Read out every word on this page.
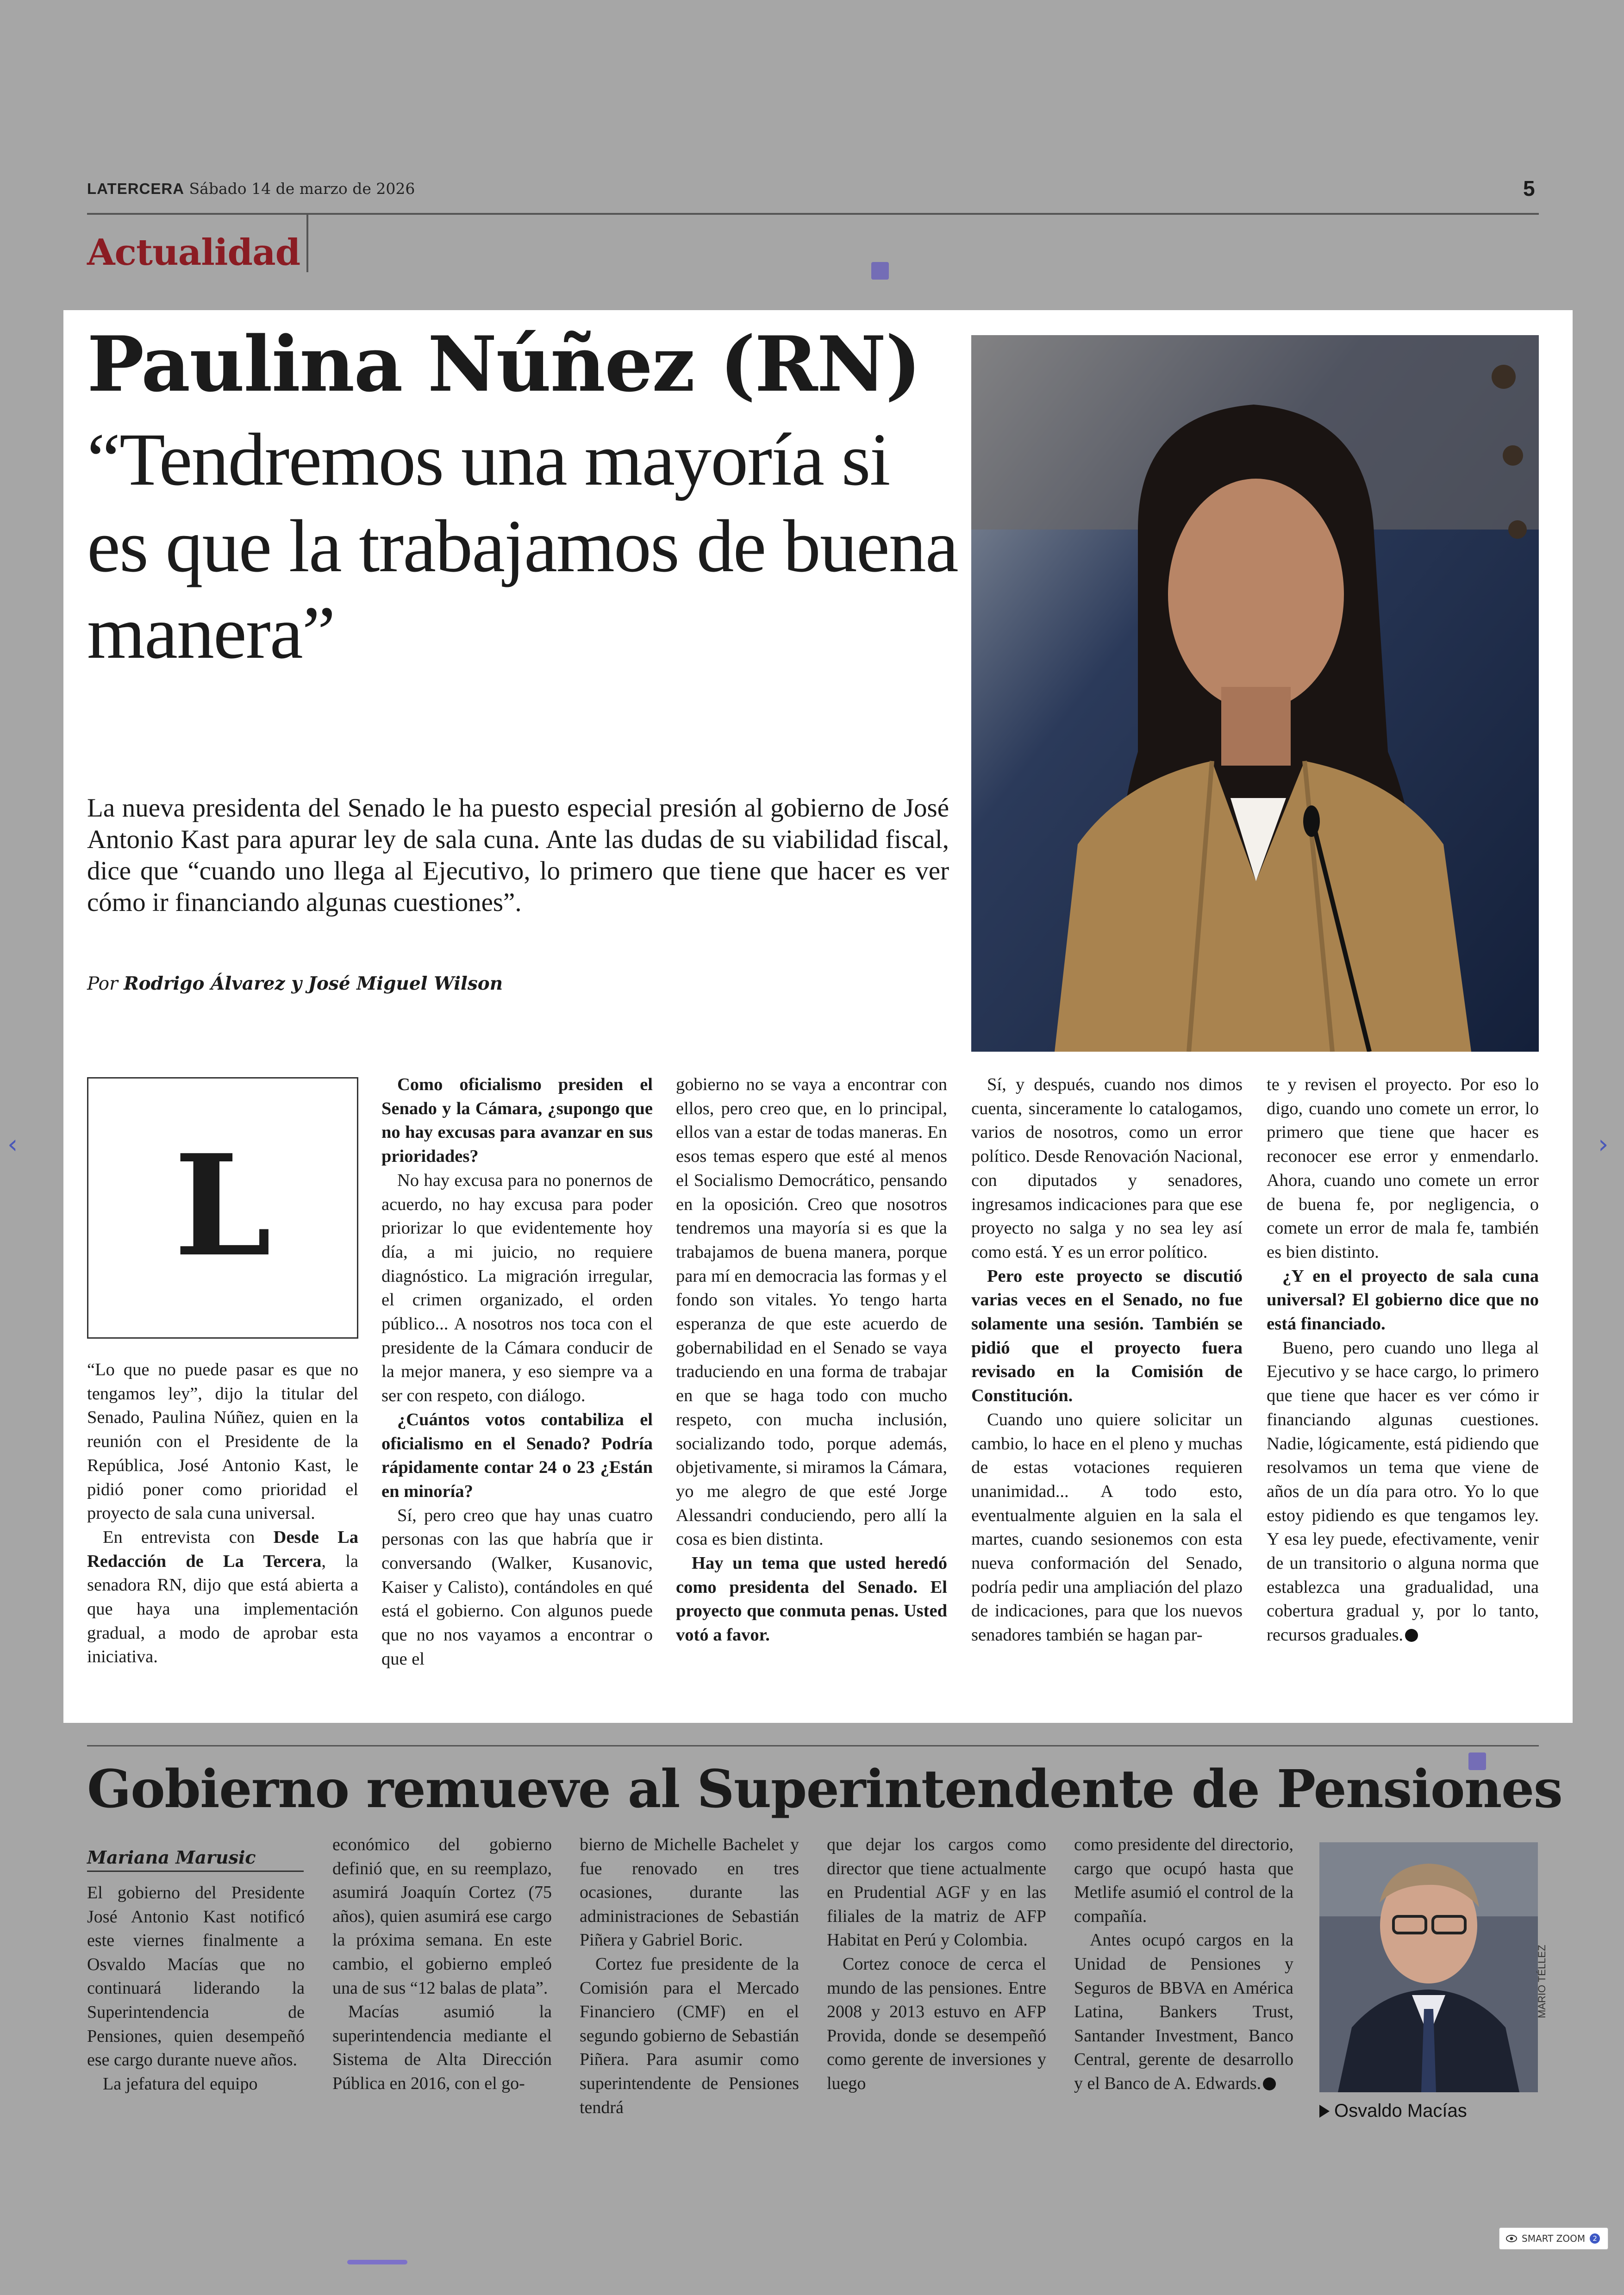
LATERCERA Sábado 14 de marzo de 2026	5
Actualidad
Paulina Núñez (RN)
“Tendremos una mayoría si es que la trabajamos de buena manera”
La nueva presidenta del Senado le ha puesto especial presión al gobierno de José Antonio Kast para apurar ley de sala cuna. Ante las dudas de su viabilidad fiscal, dice que “cuando uno llega al Ejecutivo, lo primero que tiene que hacer es ver cómo ir financiando algunas cuestiones”.
Por Rodrigo Álvarez y José Miguel Wilson
L

“Lo que no puede pasar es que no tengamos ley”, dijo la titular del Senado, Paulina Núñez, quien en la reunión con el Presidente de la República, José Antonio Kast, le pidió poner como prioridad el proyecto de sala cuna universal.

En entrevista con Desde La Redacción de La Tercera, la senadora RN, dijo que está abierta a que haya una implementación gradual, a modo de aprobar esta iniciativa.

Como oficialismo presiden el Senado y la Cámara, ¿supongo que no hay excusas para avanzar en sus prioridades?

No hay excusa para no ponernos de acuerdo, no hay excusa para poder priorizar lo que evidentemente hoy día, a mi juicio, no requiere diagnóstico. La migración irregular, el crimen organizado, el orden público... A nosotros nos toca con el presidente de la Cámara conducir de la mejor manera, y eso siempre va a ser con respeto, con diálogo.

¿Cuántos votos contabiliza el oficialismo en el Senado? Podría rápidamente contar 24 o 23 ¿Están en minoría?

Sí, pero creo que hay unas cuatro personas con las que habría que ir conversando (Walker, Kusanovic, Kaiser y Calisto), contándoles en qué está el gobierno. Con algunos puede que no nos vayamos a encontrar o que el

gobierno no se vaya a encontrar con ellos, pero creo que, en lo principal, ellos van a estar de todas maneras. En esos temas espero que esté al menos el Socialismo Democrático, pensando en la oposición. Creo que nosotros tendremos una mayoría si es que la trabajamos de buena manera, porque para mí en democracia las formas y el fondo son vitales. Yo tengo harta esperanza de que este acuerdo de gobernabilidad en el Senado se vaya traduciendo en una forma de trabajar en que se haga todo con mucho respeto, con mucha inclusión, socializando todo, porque además, objetivamente, si miramos la Cámara, yo me alegro de que esté Jorge Alessandri conduciendo, pero allí la cosa es bien distinta.

Hay un tema que usted heredó como presidenta del Senado. El proyecto que conmuta penas. Usted votó a favor.

Sí, y después, cuando nos dimos cuenta, sinceramente lo catalogamos, varios de nosotros, como un error político. Desde Renovación Nacional, con diputados y senadores, ingresamos indicaciones para que ese proyecto no salga y no sea ley así como está. Y es un error político.

Pero este proyecto se discutió varias veces en el Senado, no fue solamente una sesión. También se pidió que el proyecto fuera revisado en la Comisión de Constitución.

Cuando uno quiere solicitar un cambio, lo hace en el pleno y muchas de estas votaciones requieren unanimidad... A todo esto, eventualmente alguien en la sala el martes, cuando sesionemos con esta nueva conformación del Senado, podría pedir una ampliación del plazo de indicaciones, para que los nuevos senadores también se hagan par-

te y revisen el proyecto. Por eso lo digo, cuando uno comete un error, lo primero que tiene que hacer es reconocer ese error y enmendarlo. Ahora, cuando uno comete un error de buena fe, por negligencia, o comete un error de mala fe, también es bien distinto.

¿Y en el proyecto de sala cuna universal? El gobierno dice que no está financiado.

Bueno, pero cuando uno llega al Ejecutivo y se hace cargo, lo primero que tiene que hacer es ver cómo ir financiando algunas cuestiones. Nadie, lógicamente, está pidiendo que resolvamos un tema que viene de años de un día para otro. Yo lo que estoy pidiendo es que tengamos ley. Y esa ley puede, efectivamente, venir de un transitorio o alguna norma que establezca una gradualidad, una cobertura gradual y, por lo tanto, recursos graduales.

Gobierno remueve al Superintendente de Pensiones
Mariana Marusic

El gobierno del Presidente José Antonio Kast notificó este viernes finalmente a Osvaldo Macías que no continuará liderando la Superintendencia de Pensiones, quien desempeñó ese cargo durante nueve años.

La jefatura del equipo

económico del gobierno definió que, en su reemplazo, asumirá Joaquín Cortez (75 años), quien asumirá ese cargo la próxima semana. En este cambio, el gobierno empleó una de sus “12 balas de plata”.

Macías asumió la superintendencia mediante el Sistema de Alta Dirección Pública en 2016, con el go-

bierno de Michelle Bachelet y fue renovado en tres ocasiones, durante las administraciones de Sebastián Piñera y Gabriel Boric.

Cortez fue presidente de la Comisión para el Mercado Financiero (CMF) en el segundo gobierno de Sebastián Piñera. Para asumir como superintendente de Pensiones tendrá

que dejar los cargos como director que tiene actualmente en Prudential AGF y en las filiales de la matriz de AFP Habitat en Perú y Colombia.

Cortez conoce de cerca el mundo de las pensiones. Entre 2008 y 2013 estuvo en AFP Provida, donde se desempeñó como gerente de inversiones y luego

como presidente del directorio, cargo que ocupó hasta que Metlife asumió el control de la compañía.

Antes ocupó cargos en la Unidad de Pensiones y Seguros de BBVA en América Latina, Bankers Trust, Santander Investment, Banco Central, gerente de desarrollo y el Banco de A. Edwards.

MARIO TÉLLEZ
Osvaldo Macías
‹	›
SMART ZOOM	2
